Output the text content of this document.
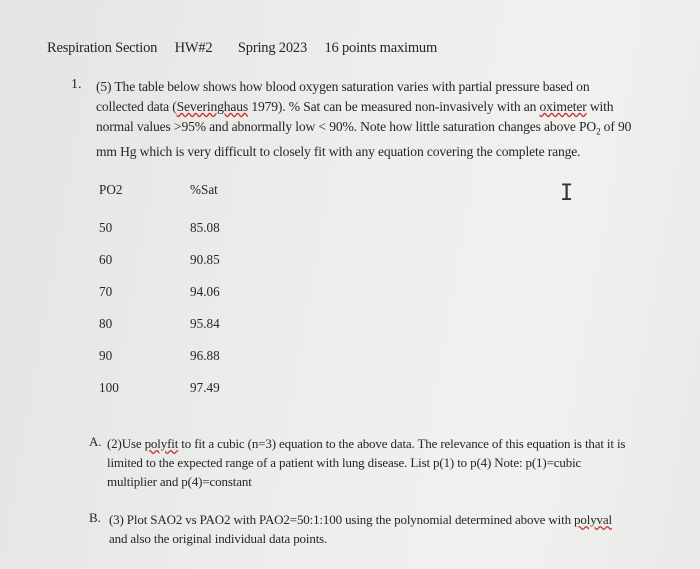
Respiration Section HW#2 Spring 2023 16 points maximum
1. (5) The table below shows how blood oxygen saturation varies with partial pressure based on collected data (Severinghaus 1979). % Sat can be measured non-invasively with an oximeter with normal values >95% and abnormally low < 90%. Note how little saturation changes above $PO_2$ of 90 mm Hg which is very difficult to closely fit with any equation covering the complete range.
I
PO2	%Sat
50	85.08
60	90.85
70	94.06
80	95.84
90	96.88
100	97.49
A. (2)Use polyfit to fit a cubic (n=3) equation to the above data. The relevance of this equation is that it is limited to the expected range of a patient with lung disease. List p(1) to p(4) Note: p(1)=cubic multiplier and p(4)=constant
B. (3) Plot SAO2 vs PAO2 with PAO2=50:1:100 using the polynomial determined above with polyval and also the original individual data points.
